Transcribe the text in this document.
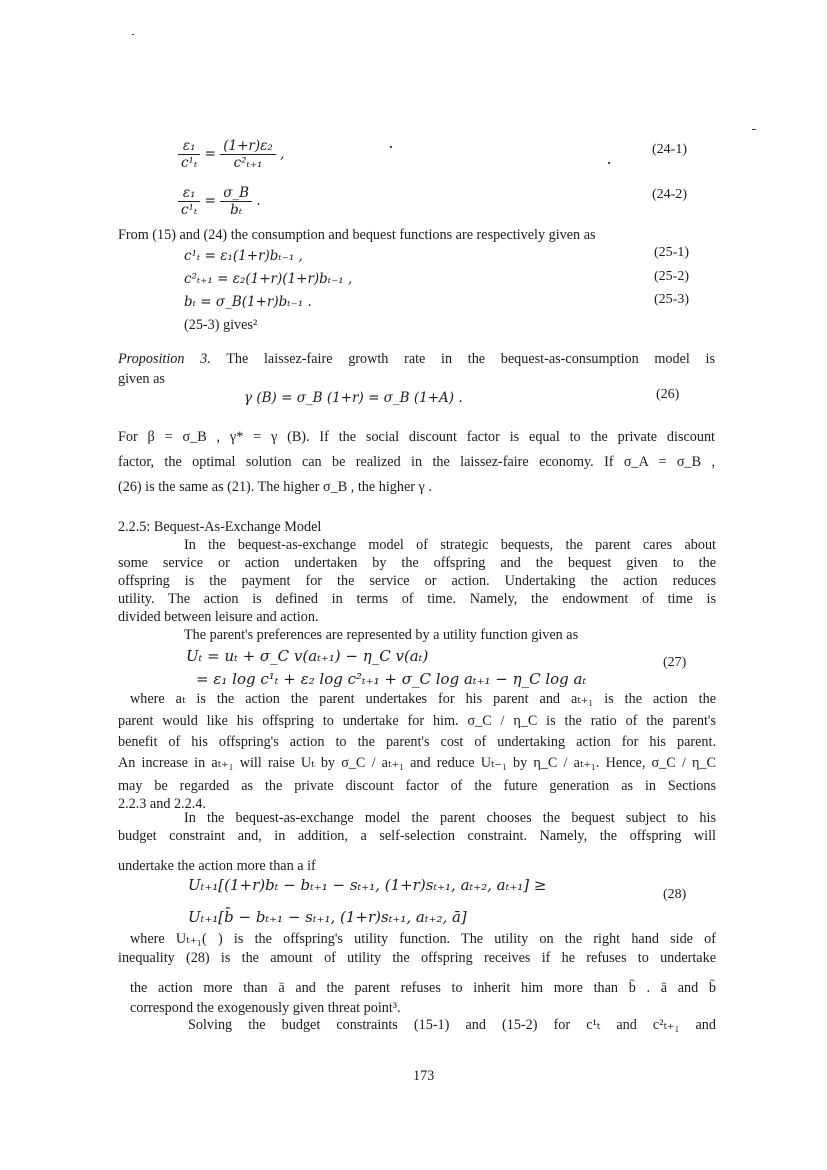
$\frac{\text{ε₁}}{\text{c¹ₜ}} = \frac{\text{(1+r)ε₂}}{\text{c²ₜ₊₁}}$ ,	(24-1)
$\frac{\text{ε₁}}{\text{c¹ₜ}} = \frac{\sigma\_B}{\text{bₜ}}$ .	(24-2)
From (15) and (24) the consumption and bequest functions are respectively given as
c¹ₜ = ε₁(1+r)bₜ₋₁ ,	(25-1)
c²ₜ₊₁ = ε₂(1+r)(1+r)bₜ₋₁ ,	(25-2)
bₜ = σ_B(1+r)bₜ₋₁ .	(25-3)
(25-3) gives²
Proposition 3. The laissez-faire growth rate in the bequest-as-consumption model is
given as
γ (B) = σ_B (1+r) = σ_B (1+A) .	(26)
For β = σ_B , γ* = γ (B). If the social discount factor is equal to the private discount
factor, the optimal solution can be realized in the laissez-faire economy. If σ_A = σ_B ,
(26) is the same as (21). The higher σ_B , the higher γ .
2.2.5: Bequest-As-Exchange Model
In the bequest-as-exchange model of strategic bequests, the parent cares about
some service or action undertaken by the offspring and the bequest given to the
offspring is the payment for the service or action. Undertaking the action reduces
utility. The action is defined in terms of time. Namely, the endowment of time is
divided between leisure and action.
The parent's preferences are represented by a utility function given as
Uₜ = uₜ + σ_C v(aₜ₊₁) − η_C v(aₜ)
= ε₁ log c¹ₜ + ε₂ log c²ₜ₊₁ + σ_C log aₜ₊₁ − η_C log aₜ
(27)
where aₜ is the action the parent undertakes for his parent and aₜ₊₁ is the action the
parent would like his offspring to undertake for him. σ_C / η_C is the ratio of the parent's
benefit of his offspring's action to the parent's cost of undertaking action for his parent.
An increase in aₜ₊₁ will raise Uₜ by σ_C / aₜ₊₁ and reduce Uₜ₋₁ by η_C / aₜ₊₁. Hence, σ_C / η_C
may be regarded as the private discount factor of the future generation as in Sections
2.2.3 and 2.2.4.
In the bequest-as-exchange model the parent chooses the bequest subject to his
budget constraint and, in addition, a self-selection constraint. Namely, the offspring will
undertake the action more than a if
Uₜ₊₁[(1+r)bₜ − bₜ₊₁ − sₜ₊₁, (1+r)sₜ₊₁, aₜ₊₂, aₜ₊₁] ≥
Uₜ₊₁[b̄ − bₜ₊₁ − sₜ₊₁, (1+r)sₜ₊₁, aₜ₊₂, ā]
(28)
where Uₜ₊₁( ) is the offspring's utility function. The utility on the right hand side of
inequality (28) is the amount of utility the offspring receives if he refuses to undertake
the action more than ā and the parent refuses to inherit him more than b̄ . ā and b̄
correspond the exogenously given threat point³.
Solving the budget constraints (15-1) and (15-2) for c¹ₜ and c²ₜ₊₁ and
173
